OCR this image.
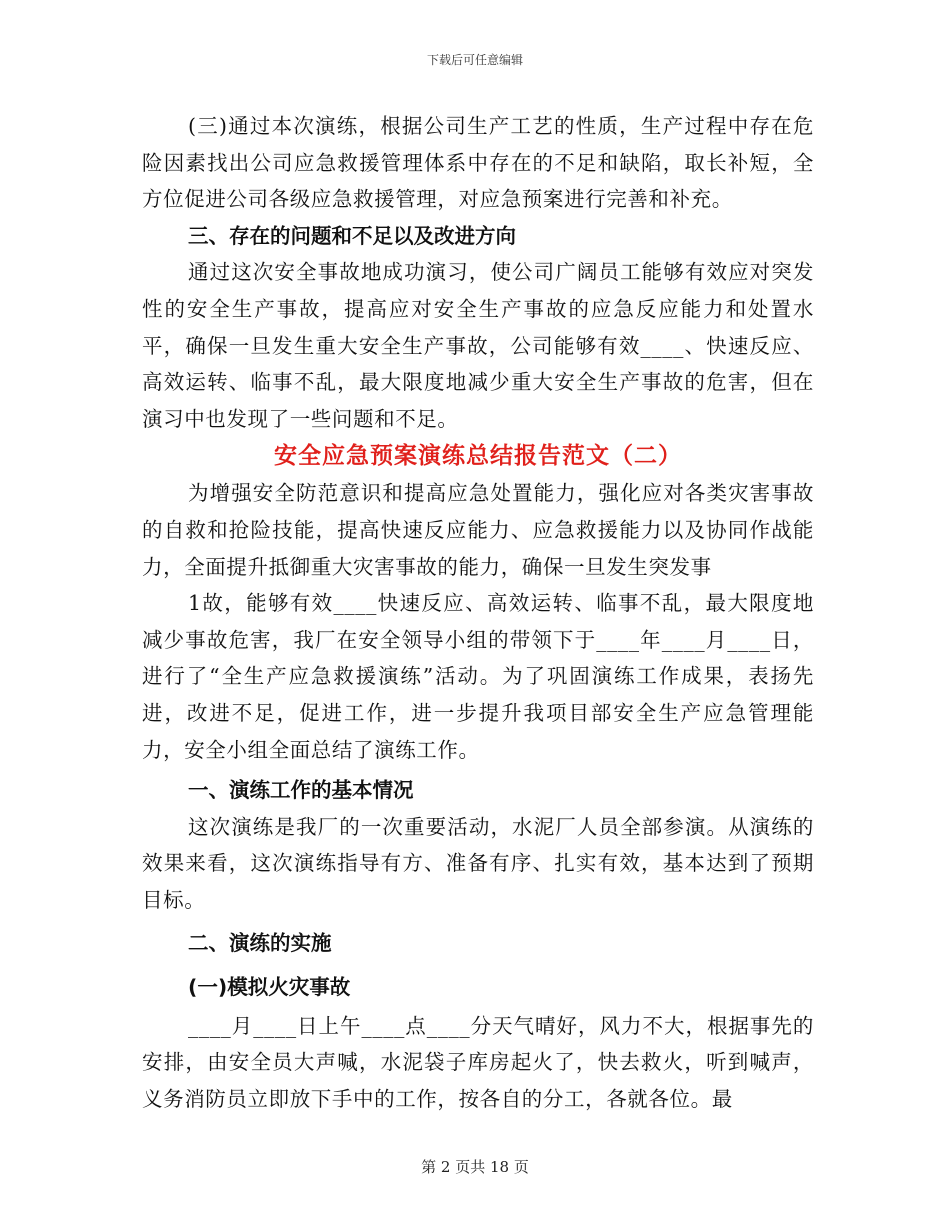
下载后可任意编辑

(三)通过本次演练，根据公司生产工艺的性质，生产过程中存在危险因素找出公司应急救援管理体系中存在的不足和缺陷，取长补短，全方位促进公司各级应急救援管理，对应急预案进行完善和补充。

三、存在的问题和不足以及改进方向

通过这次安全事故地成功演习，使公司广阔员工能够有效应对突发性的安全生产事故，提高应对安全生产事故的应急反应能力和处置水平，确保一旦发生重大安全生产事故，公司能够有效____、快速反应、高效运转、临事不乱，最大限度地减少重大安全生产事故的危害，但在演习中也发现了一些问题和不足。

安全应急预案演练总结报告范文（二）

为增强安全防范意识和提高应急处置能力，强化应对各类灾害事故的自救和抢险技能，提高快速反应能力、应急救援能力以及协同作战能力，全面提升抵御重大灾害事故的能力，确保一旦发生突发事

1故，能够有效____快速反应、高效运转、临事不乱，最大限度地减少事故危害，我厂在安全领导小组的带领下于____年____月____日，进行了“全生产应急救援演练”活动。为了巩固演练工作成果，表扬先进，改进不足，促进工作，进一步提升我项目部安全生产应急管理能力，安全小组全面总结了演练工作。

一、演练工作的基本情况

这次演练是我厂的一次重要活动，水泥厂人员全部参演。从演练的效果来看，这次演练指导有方、准备有序、扎实有效，基本达到了预期目标。

二、演练的实施

(一)模拟火灾事故

____月____日上午____点____分天气晴好，风力不大，根据事先的安排，由安全员大声喊，水泥袋子库房起火了，快去救火，听到喊声，义务消防员立即放下手中的工作，按各自的分工，各就各位。最

第 2 页共 18 页
